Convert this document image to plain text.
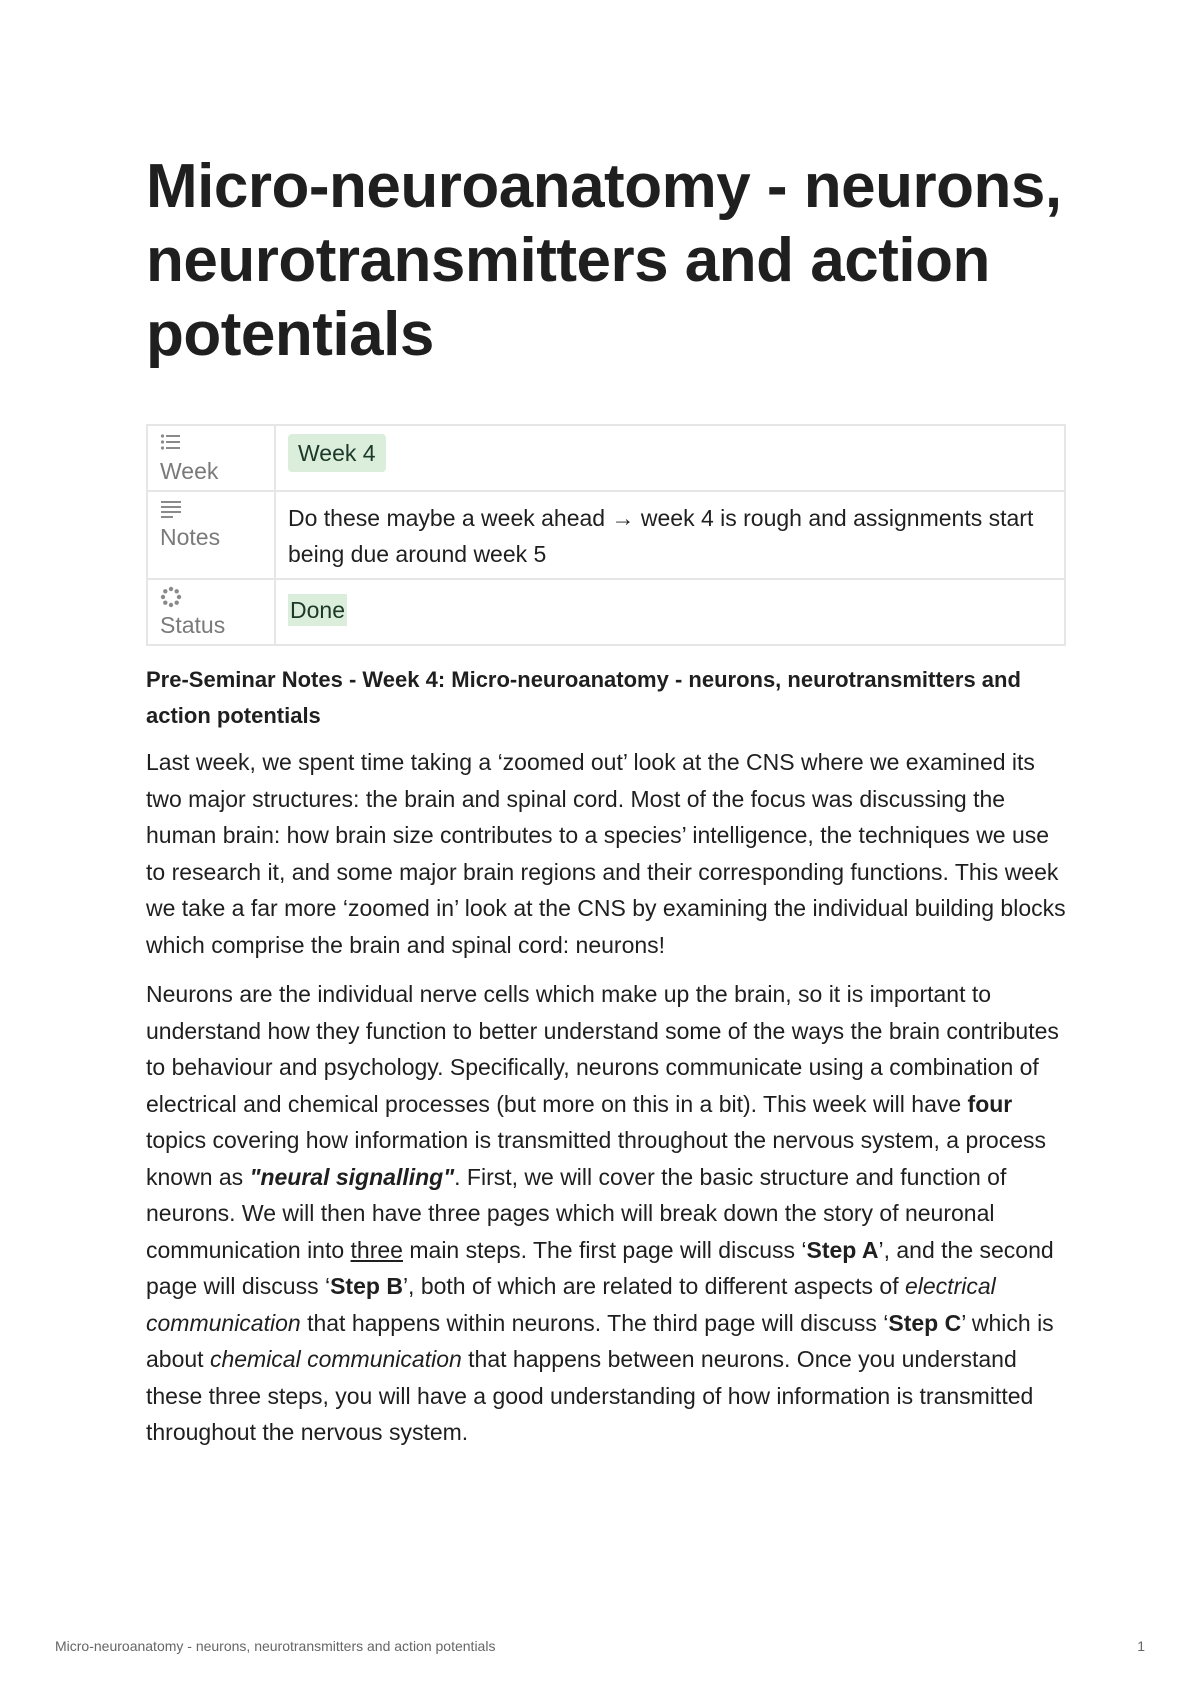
Micro-neuroanatomy - neurons, neurotransmitters and action potentials
Week	Week 4

Notes	Do these maybe a week ahead → week 4 is rough and assignments start being due around week 5

Status	Done
Pre-Seminar Notes - Week 4: Micro-neuroanatomy - neurons, neurotransmitters and action potentials

Last week, we spent time taking a ‘zoomed out’ look at the CNS where we examined its two major structures: the brain and spinal cord. Most of the focus was discussing the human brain: how brain size contributes to a species’ intelligence, the techniques we use to research it, and some major brain regions and their corresponding functions. This week we take a far more ‘zoomed in’ look at the CNS by examining the individual building blocks which comprise the brain and spinal cord: neurons!

Neurons are the individual nerve cells which make up the brain, so it is important to understand how they function to better understand some of the ways the brain contributes to behaviour and psychology. Specifically, neurons communicate using a combination of electrical and chemical processes (but more on this in a bit). This week will have four topics covering how information is transmitted throughout the nervous system, a process known as "neural signalling". First, we will cover the basic structure and function of neurons. We will then have three pages which will break down the story of neuronal communication into three main steps. The first page will discuss ‘Step A’, and the second page will discuss ‘Step B’, both of which are related to different aspects of electrical communication that happens within neurons. The third page will discuss ‘Step C’ which is about chemical communication that happens between neurons. Once you understand these three steps, you will have a good understanding of how information is transmitted throughout the nervous system.

Micro-neuroanatomy - neurons, neurotransmitters and action potentials	1
